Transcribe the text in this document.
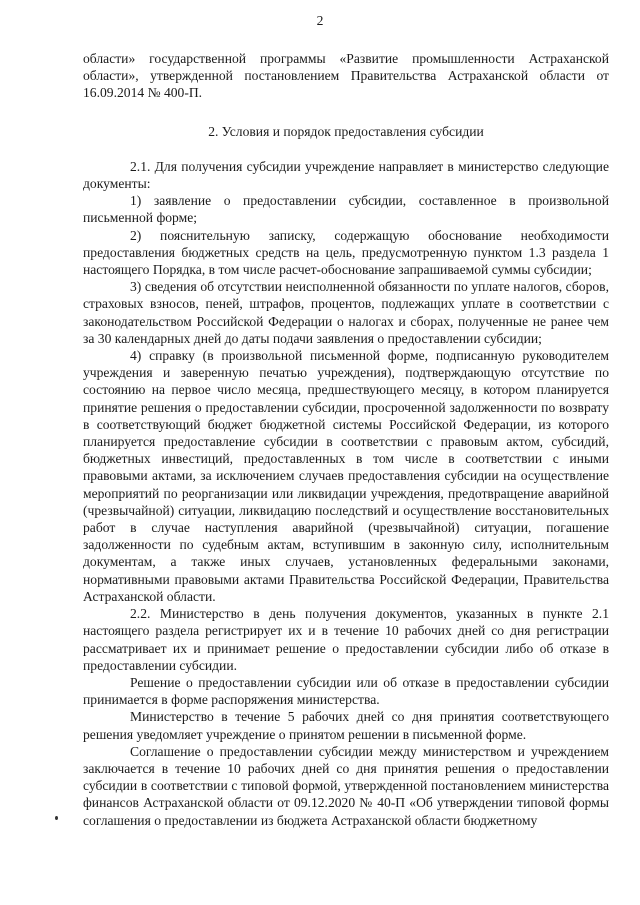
2

области» государственной программы «Развитие промышленности Астраханской области», утвержденной постановлением Правительства Астраханской области от 16.09.2014 № 400-П.

2. Условия и порядок предоставления субсидии

2.1. Для получения субсидии учреждение направляет в министерство следующие документы:

1) заявление о предоставлении субсидии, составленное в произвольной письменной форме;

2) пояснительную записку, содержащую обоснование необходимости предоставления бюджетных средств на цель, предусмотренную пунктом 1.3 раздела 1 настоящего Порядка, в том числе расчет-обоснование запрашиваемой суммы субсидии;

3) сведения об отсутствии неисполненной обязанности по уплате налогов, сборов, страховых взносов, пеней, штрафов, процентов, подлежащих уплате в соответствии с законодательством Российской Федерации о налогах и сборах, полученные не ранее чем за 30 календарных дней до даты подачи заявления о предоставлении субсидии;

4) справку (в произвольной письменной форме, подписанную руководителем учреждения и заверенную печатью учреждения), подтверждающую отсутствие по состоянию на первое число месяца, предшествующего месяцу, в котором планируется принятие решения о предоставлении субсидии, просроченной задолженности по возврату в соответствующий бюджет бюджетной системы Российской Федерации, из которого планируется предоставление субсидии в соответствии с правовым актом, субсидий, бюджетных инвестиций, предоставленных в том числе в соответствии с иными правовыми актами, за исключением случаев предоставления субсидии на осуществление мероприятий по реорганизации или ликвидации учреждения, предотвращение аварийной (чрезвычайной) ситуации, ликвидацию последствий и осуществление восстановительных работ в случае наступления аварийной (чрезвычайной) ситуации, погашение задолженности по судебным актам, вступившим в законную силу, исполнительным документам, а также иных случаев, установленных федеральными законами, нормативными правовыми актами Правительства Российской Федерации, Правительства Астраханской области.

2.2. Министерство в день получения документов, указанных в пункте 2.1 настоящего раздела регистрирует их и в течение 10 рабочих дней со дня регистрации рассматривает их и принимает решение о предоставлении субсидии либо об отказе в предоставлении субсидии.

Решение о предоставлении субсидии или об отказе в предоставлении субсидии принимается в форме распоряжения министерства.

Министерство в течение 5 рабочих дней со дня принятия соответствующего решения уведомляет учреждение о принятом решении в письменной форме.

Соглашение о предоставлении субсидии между министерством и учреждением заключается в течение 10 рабочих дней со дня принятия решения о предоставлении субсидии в соответствии с типовой формой, утвержденной постановлением министерства финансов Астраханской области от 09.12.2020 № 40-П «Об утверждении типовой формы соглашения о предоставлении из бюджета Астраханской области бюджетному
